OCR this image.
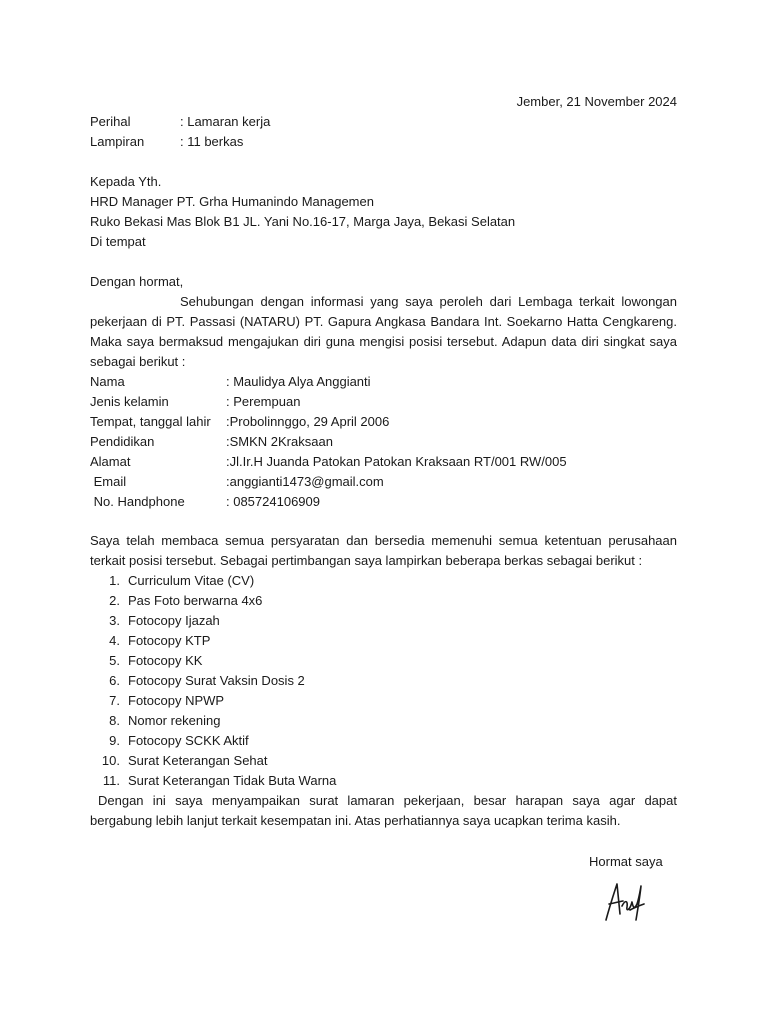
Jember, 21 November 2024
Perihal	: Lamaran kerja
Lampiran	: 11 berkas
Kepada Yth.
HRD Manager PT. Grha Humanindo Managemen
Ruko Bekasi Mas Blok B1 JL. Yani No.16-17, Marga Jaya, Bekasi Selatan
Di tempat
Dengan hormat,
Sehubungan dengan informasi yang saya peroleh dari Lembaga terkait lowongan pekerjaan di PT. Passasi (NATARU) PT. Gapura Angkasa Bandara Int. Soekarno Hatta Cengkareng. Maka saya bermaksud mengajukan diri guna mengisi posisi tersebut. Adapun data diri singkat saya sebagai berikut :
Nama	: Maulidya Alya Anggianti
Jenis kelamin	: Perempuan
Tempat, tanggal lahir :Probolinnggo, 29 April 2006
Pendidikan	:SMKN 2Kraksaan
Alamat	:Jl.Ir.H Juanda Patokan Patokan Kraksaan RT/001 RW/005
Email	:anggianti1473@gmail.com
No. Handphone	: 085724106909
Saya telah membaca semua persyaratan dan bersedia memenuhi semua ketentuan perusahaan terkait posisi tersebut. Sebagai pertimbangan saya lampirkan beberapa berkas sebagai berikut :
1. Curriculum Vitae (CV)
2. Pas Foto berwarna 4x6
3. Fotocopy Ijazah
4. Fotocopy KTP
5. Fotocopy KK
6. Fotocopy Surat Vaksin Dosis 2
7. Fotocopy NPWP
8. Nomor rekening
9. Fotocopy SCKK Aktif
10. Surat Keterangan Sehat
11. Surat Keterangan Tidak Buta Warna
Dengan ini saya menyampaikan surat lamaran pekerjaan, besar harapan saya agar dapat bergabung lebih lanjut terkait kesempatan ini. Atas perhatiannya saya ucapkan terima kasih.
Hormat saya
